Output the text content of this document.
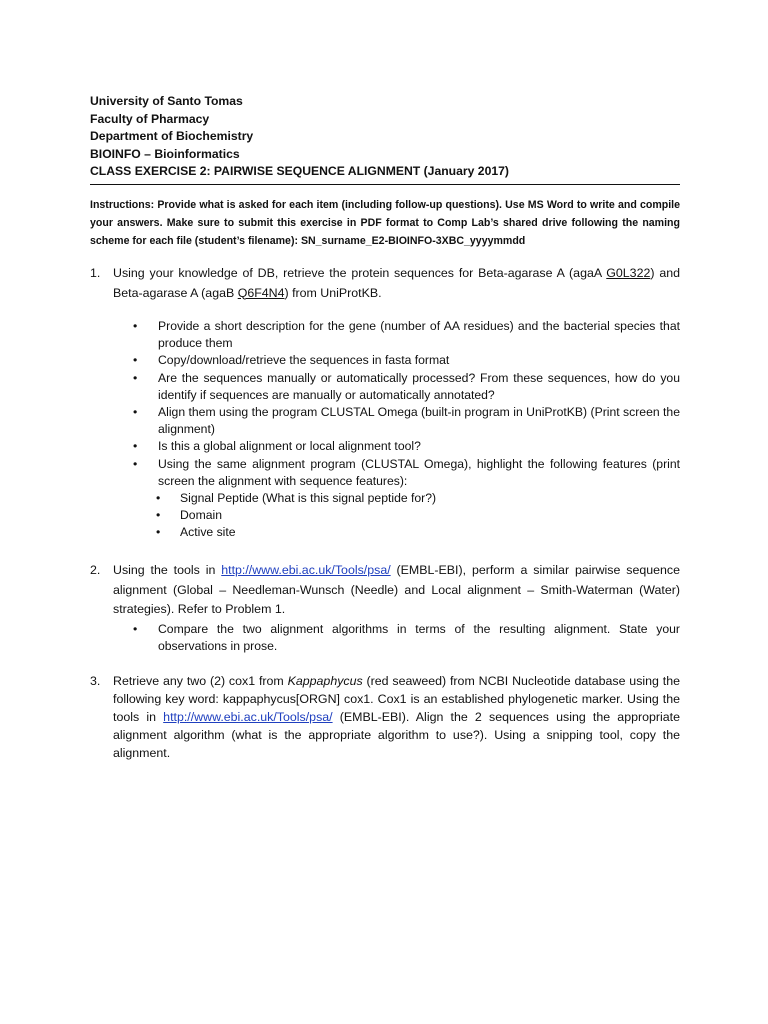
University of Santo Tomas
Faculty of Pharmacy
Department of Biochemistry
BIOINFO – Bioinformatics
CLASS EXERCISE 2: PAIRWISE SEQUENCE ALIGNMENT (January 2017)
Instructions: Provide what is asked for each item (including follow-up questions). Use MS Word to write and compile your answers. Make sure to submit this exercise in PDF format to Comp Lab’s shared drive following the naming scheme for each file (student’s filename): SN_surname_E2-BIOINFO-3XBC_yyyymmdd
1. Using your knowledge of DB, retrieve the protein sequences for Beta-agarase A (agaA G0L322) and Beta-agarase A (agaB Q6F4N4) from UniProtKB.
• Provide a short description for the gene (number of AA residues) and the bacterial species that produce them
• Copy/download/retrieve the sequences in fasta format
• Are the sequences manually or automatically processed? From these sequences, how do you identify if sequences are manually or automatically annotated?
• Align them using the program CLUSTAL Omega (built-in program in UniProtKB) (Print screen the alignment)
• Is this a global alignment or local alignment tool?
• Using the same alignment program (CLUSTAL Omega), highlight the following features (print screen the alignment with sequence features):
• Signal Peptide (What is this signal peptide for?)
• Domain
• Active site
2. Using the tools in http://www.ebi.ac.uk/Tools/psa/ (EMBL-EBI), perform a similar pairwise sequence alignment (Global – Needleman-Wunsch (Needle) and Local alignment – Smith-Waterman (Water) strategies). Refer to Problem 1.
• Compare the two alignment algorithms in terms of the resulting alignment. State your observations in prose.
3. Retrieve any two (2) cox1 from Kappaphycus (red seaweed) from NCBI Nucleotide database using the following key word: kappaphycus[ORGN] cox1. Cox1 is an established phylogenetic marker. Using the tools in http://www.ebi.ac.uk/Tools/psa/ (EMBL-EBI). Align the 2 sequences using the appropriate alignment algorithm (what is the appropriate algorithm to use?). Using a snipping tool, copy the alignment.
